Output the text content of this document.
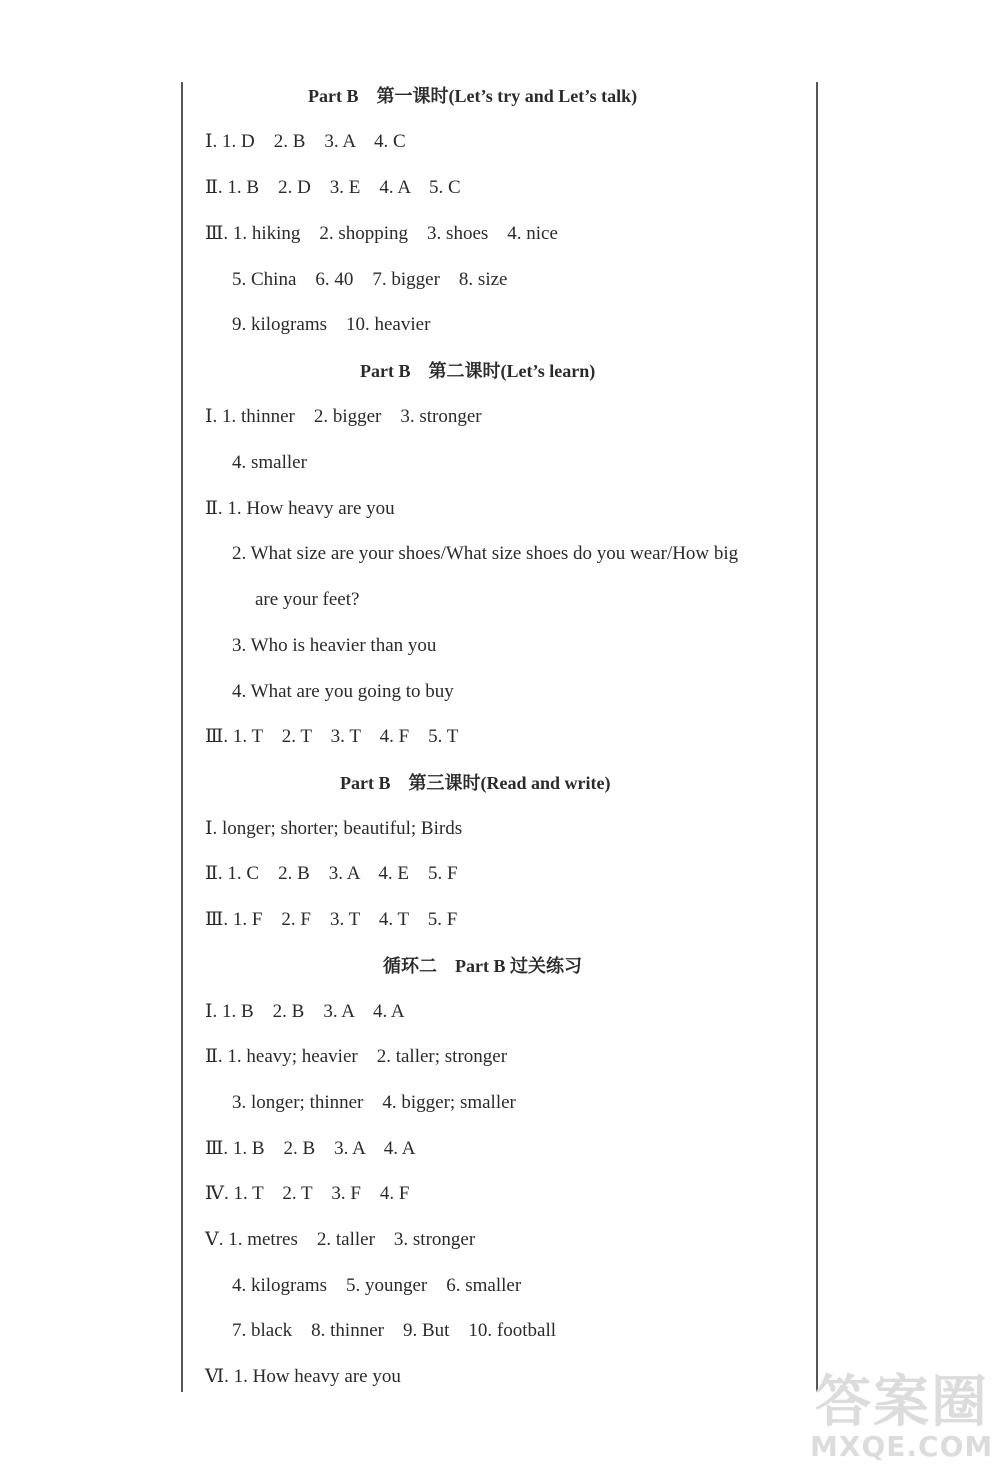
Part B　第一课时(Let’s try and Let’s talk)
Ⅰ. 1. D　2. B　3. A　4. C
Ⅱ. 1. B　2. D　3. E　4. A　5. C
Ⅲ. 1. hiking　2. shopping　3. shoes　4. nice
5. China　6. 40　7. bigger　8. size
9. kilograms　10. heavier
Part B　第二课时(Let’s learn)
Ⅰ. 1. thinner　2. bigger　3. stronger
4. smaller
Ⅱ. 1. How heavy are you
2. What size are your shoes/What size shoes do you wear/How big
are your feet?
3. Who is heavier than you
4. What are you going to buy
Ⅲ. 1. T　2. T　3. T　4. F　5. T
Part B　第三课时(Read and write)
Ⅰ. longer; shorter; beautiful; Birds
Ⅱ. 1. C　2. B　3. A　4. E　5. F
Ⅲ. 1. F　2. F　3. T　4. T　5. F
循环二　Part B 过关练习
Ⅰ. 1. B　2. B　3. A　4. A
Ⅱ. 1. heavy; heavier　2. taller; stronger
3. longer; thinner　4. bigger; smaller
Ⅲ. 1. B　2. B　3. A　4. A
Ⅳ. 1. T　2. T　3. F　4. F
Ⅴ. 1. metres　2. taller　3. stronger
4. kilograms　5. younger　6. smaller
7. black　8. thinner　9. But　10. football
Ⅵ. 1. How heavy are you	答案圈
MXQE.COM
